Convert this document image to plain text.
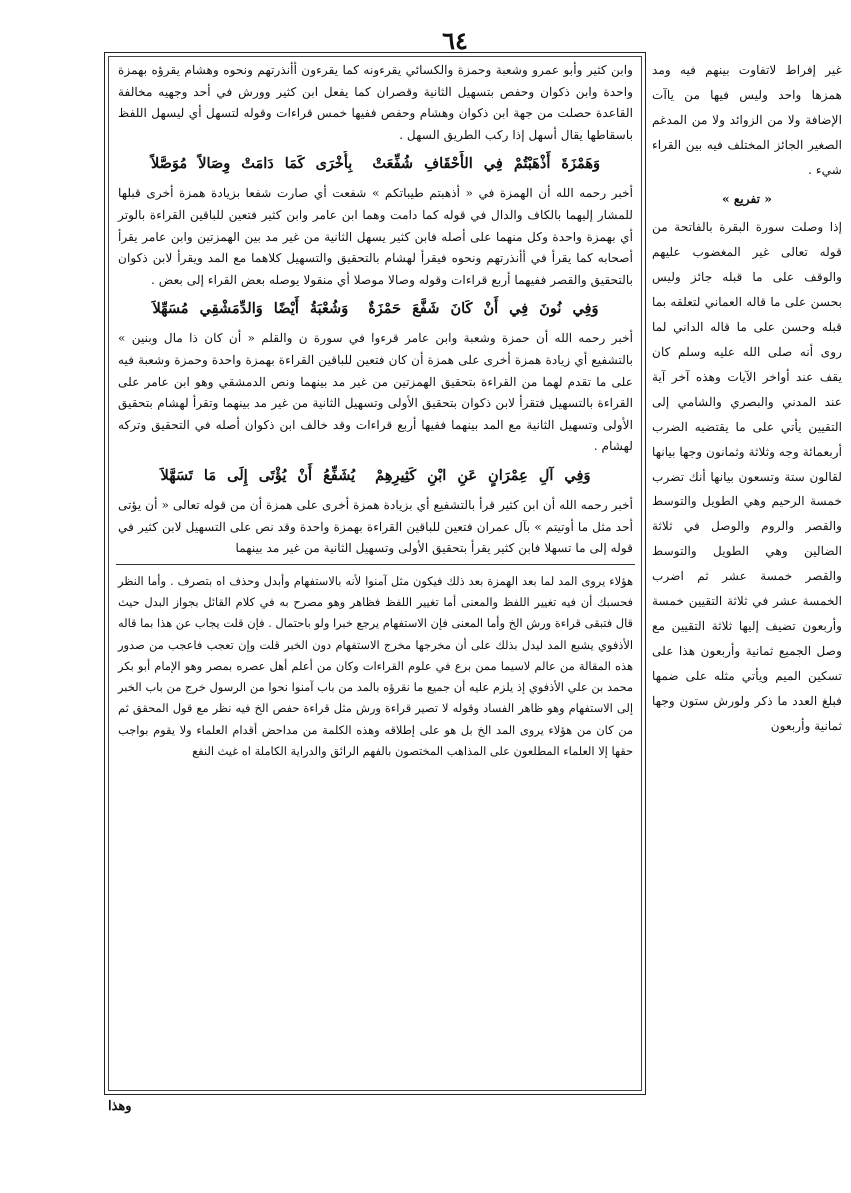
٦٤

وابن كثير وأبو عمرو وشعبة وحمزة والكسائي يقرءونه كما يقرءون أأنذرتهم ونحوه وهشام يقرؤه بهمزة واحدة وابن ذكوان وحفص بتسهيل الثانية وقصران كما يفعل ابن كثير وورش في أحد وجهيه مخالفة القاعدة حصلت من جهة ابن ذكوان وهشام وحفص ففيها خمس قراءات وقوله لتسهل أي ليسهل اللفظ باسقاطها يقال أسهل إذا ركب الطريق السهل .

وَهَمْزَةَ أَذْهَبْتُمْ فِي الأَحْقَافِ شُفِّعَتْبِأُخْرَى كَمَا دَامَتْ وِصَالاً مُوَصَّلاً

أخبر رحمه الله أن الهمزة في « أذهبتم طيباتكم » شفعت أي صارت شفعا بزيادة همزة أخرى قبلها للمشار إليهما بالكاف والدال في قوله كما دامت وهما ابن عامر وابن كثير فتعين للباقين القراءة بالوتر أي بهمزة واحدة وكل منهما على أصله فابن كثير يسهل الثانية من غير مد بين الهمزتين وابن عامر يقرأ أصحابه كما يقرأ في أأنذرتهم ونحوه فيقرأ لهشام بالتحقيق والتسهيل كلاهما مع المد ويقرأ لابن ذكوان بالتحقيق والقصر ففيهما أربع قراءات وقوله وصالا موصلا أي منقولا يوصله بعض القراء إلى بعض .

وَفِي نُونَ فِي أَنْ كَانَ شَفَّعَ حَمْزَةٌوَشُعْبَةُ أَيْضًا وَالدِّمَشْقِي مُسَهِّلاَ

أخبر رحمه الله أن حمزة وشعبة وابن عامر قرءوا في سورة ن والقلم « أن كان ذا مال وبنين » بالتشفيع أي زيادة همزة أخرى على همزة أن كان فتعين للباقين القراءة بهمزة واحدة وحمزة وشعبة فيه على ما تقدم لهما من القراءة بتحقيق الهمزتين من غير مد بينهما ونص الدمشقي وهو ابن عامر على القراءة بالتسهيل فتقرأ لابن ذكوان بتحقيق الأولى وتسهيل الثانية من غير مد بينهما وتقرأ لهشام بتحقيق الأولى وتسهيل الثانية مع المد بينهما ففيها أربع قراءات وقد خالف ابن ذكوان أصله في التحقيق وتركه لهشام .

وَفِي آلِ عِمْرَانٍ عَنِ ابْنِ كَثِيرِهِمْيُشَفِّعُ أَنْ يُؤْتَى إِلَى مَا تَسَهَّلاَ

أخبر رحمه الله أن ابن كثير قرأ بالتشفيع أي بزيادة همزة أخرى على همزة أن من قوله تعالى « أن يؤتى أحد مثل ما أوتيتم » بآل عمران فتعين للباقين القراءة بهمزة واحدة وقد نص على التسهيل لابن كثير في قوله إلى ما تسهلا فابن كثير يقرأ بتحقيق الأولى وتسهيل الثانية من غير مد بينهما

هؤلاء يروى المد لما بعد الهمزة بعد ذلك فيكون مثل آمنوا لأنه بالاستفهام وأبدل وحذف اه بتصرف . وأما النظر فحسبك أن فيه تغيير اللفظ والمعنى أما تغيير اللفظ فظاهر وهو مصرح به في كلام القائل بجواز البدل حيث قال فتبقى قراءة ورش الخ وأما المعنى فإن الاستفهام يرجع خبرا ولو باحتمال . فإن قلت يجاب عن هذا بما قاله الأذفوي يشبع المد ليدل بذلك على أن مخرجها مخرج الاستفهام دون الخبر قلت وإن تعجب فاعجب من صدور هذه المقالة من عالم لاسيما ممن برع في علوم القراءات وكان من أعلم أهل عصره بمصر وهو الإمام أبو بكر محمد بن علي الأذفوي إذ يلزم عليه أن جميع ما نقرؤه بالمد من باب آمنوا نحوا من الرسول خرج من باب الخبر إلى الاستفهام وهو ظاهر الفساد وقوله لا تصير قراءة ورش مثل قراءة حفص الخ فيه نظر مع قول المحقق ثم من كان من هؤلاء يروى المد الخ بل هو على إطلاقه وهذه الكلمة من مداحض أقدام العلماء ولا يقوم بواجب حقها إلا العلماء المطلعون على المذاهب المختصون بالفهم الرائق والدراية الكاملة اه غيث النفع

غير إفراط لاتفاوت بينهم فيه ومد همزها واحد وليس فيها من ياآت الإضافة ولا من الزوائد ولا من المدغم الصغير الجائز المختلف فيه بين القراء شيء .

« تفريع »

إذا وصلت سورة البقرة بالفاتحة من قوله تعالى غير المغضوب عليهم والوقف على ما قبله جائز وليس بحسن على ما قاله العماني لتعلقه بما قبله وحسن على ما قاله الداني لما روى أنه صلى الله عليه وسلم كان يقف عند أواخر الآيات وهذه آخر آية عند المدني والبصري والشامي إلى التقيين يأتي على ما يقتضيه الضرب أربعمائة وجه وثلاثة وثمانون وجها بيانها لقالون ستة وتسعون بيانها أنك تضرب خمسة الرحيم وهي الطويل والتوسط والقصر والروم والوصل في ثلاثة الضالين وهي الطويل والتوسط والقصر خمسة عشر ثم اضرب الخمسة عشر في ثلاثة التقيين خمسة وأربعون تضيف إليها ثلاثة التقيين مع وصل الجميع ثمانية وأربعون هذا على تسكين الميم ويأتي مثله على ضمها فبلغ العدد ما ذكر ولورش ستون وجها ثمانية وأربعون

وهذا
